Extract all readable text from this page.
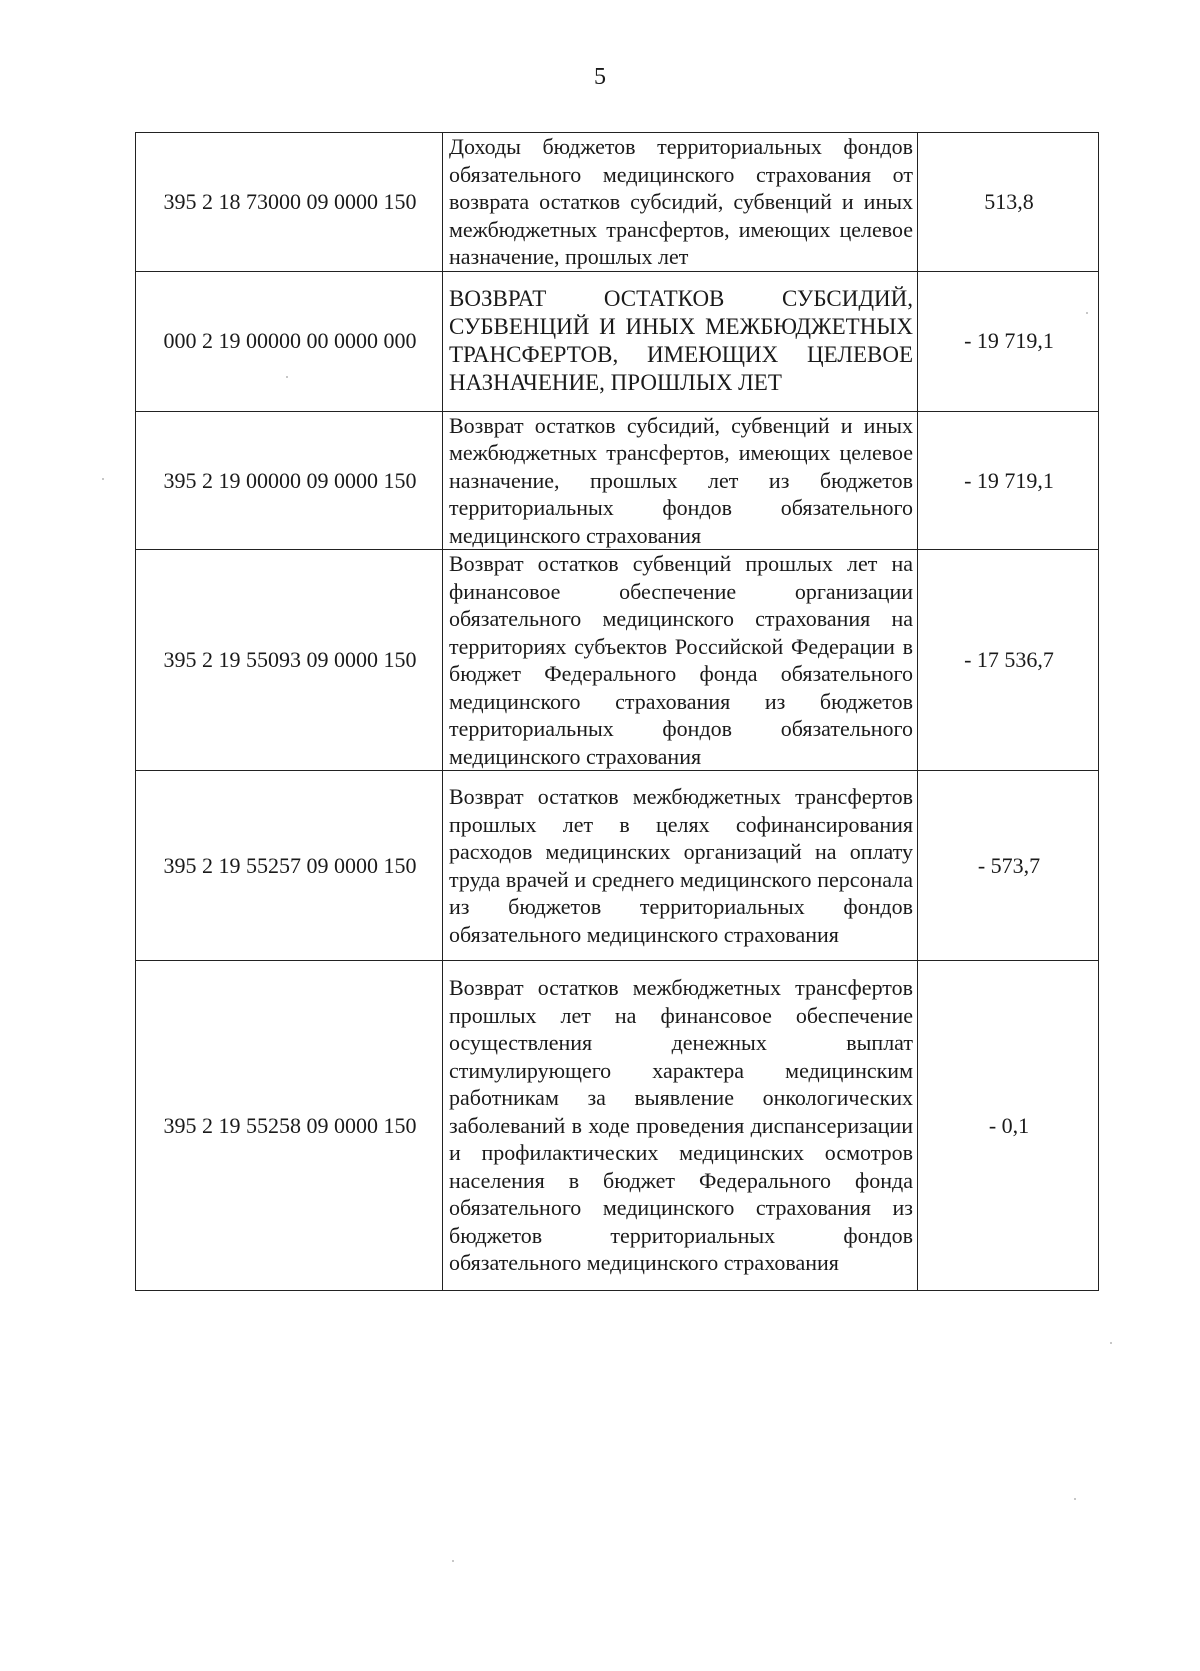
5
395 2 18 73000 09 0000 150	Доходы бюджетов территориальных фондов обязательного медицинского страхования от возврата остатков субсидий, субвенций и иных межбюджетных трансфертов, имеющих целевое назначение, прошлых лет	513,8
000 2 19 00000 00 0000 000	ВОЗВРАТ ОСТАТКОВ СУБСИДИЙ, СУБВЕНЦИЙ И ИНЫХ МЕЖБЮДЖЕТНЫХ ТРАНСФЕРТОВ, ИМЕЮЩИХ ЦЕЛЕВОЕ НАЗНАЧЕНИЕ, ПРОШЛЫХ ЛЕТ	- 19 719,1
395 2 19 00000 09 0000 150	Возврат остатков субсидий, субвенций и иных межбюджетных трансфертов, имеющих целевое назначение, прошлых лет из бюджетов территориальных фондов обязательного медицинского страхования	- 19 719,1
395 2 19 55093 09 0000 150	Возврат остатков субвенций прошлых лет на финансовое обеспечение организации обязательного медицинского страхования на территориях субъектов Российской Федерации в бюджет Федерального фонда обязательного медицинского страхования из бюджетов территориальных фондов обязательного медицинского страхования	- 17 536,7
395 2 19 55257 09 0000 150	Возврат остатков межбюджетных трансфертов прошлых лет в целях софинансирования расходов медицинских организаций на оплату труда врачей и среднего медицинского персонала из бюджетов территориальных фондов обязательного медицинского страхования	- 573,7
395 2 19 55258 09 0000 150	Возврат остатков межбюджетных трансфертов прошлых лет на финансовое обеспечение осуществления денежных выплат стимулирующего характера медицинским работникам за выявление онкологических заболеваний в ходе проведения диспансеризации и профилактических медицинских осмотров населения в бюджет Федерального фонда обязательного медицинского страхования из бюджетов территориальных фондов обязательного медицинского страхования	- 0,1
